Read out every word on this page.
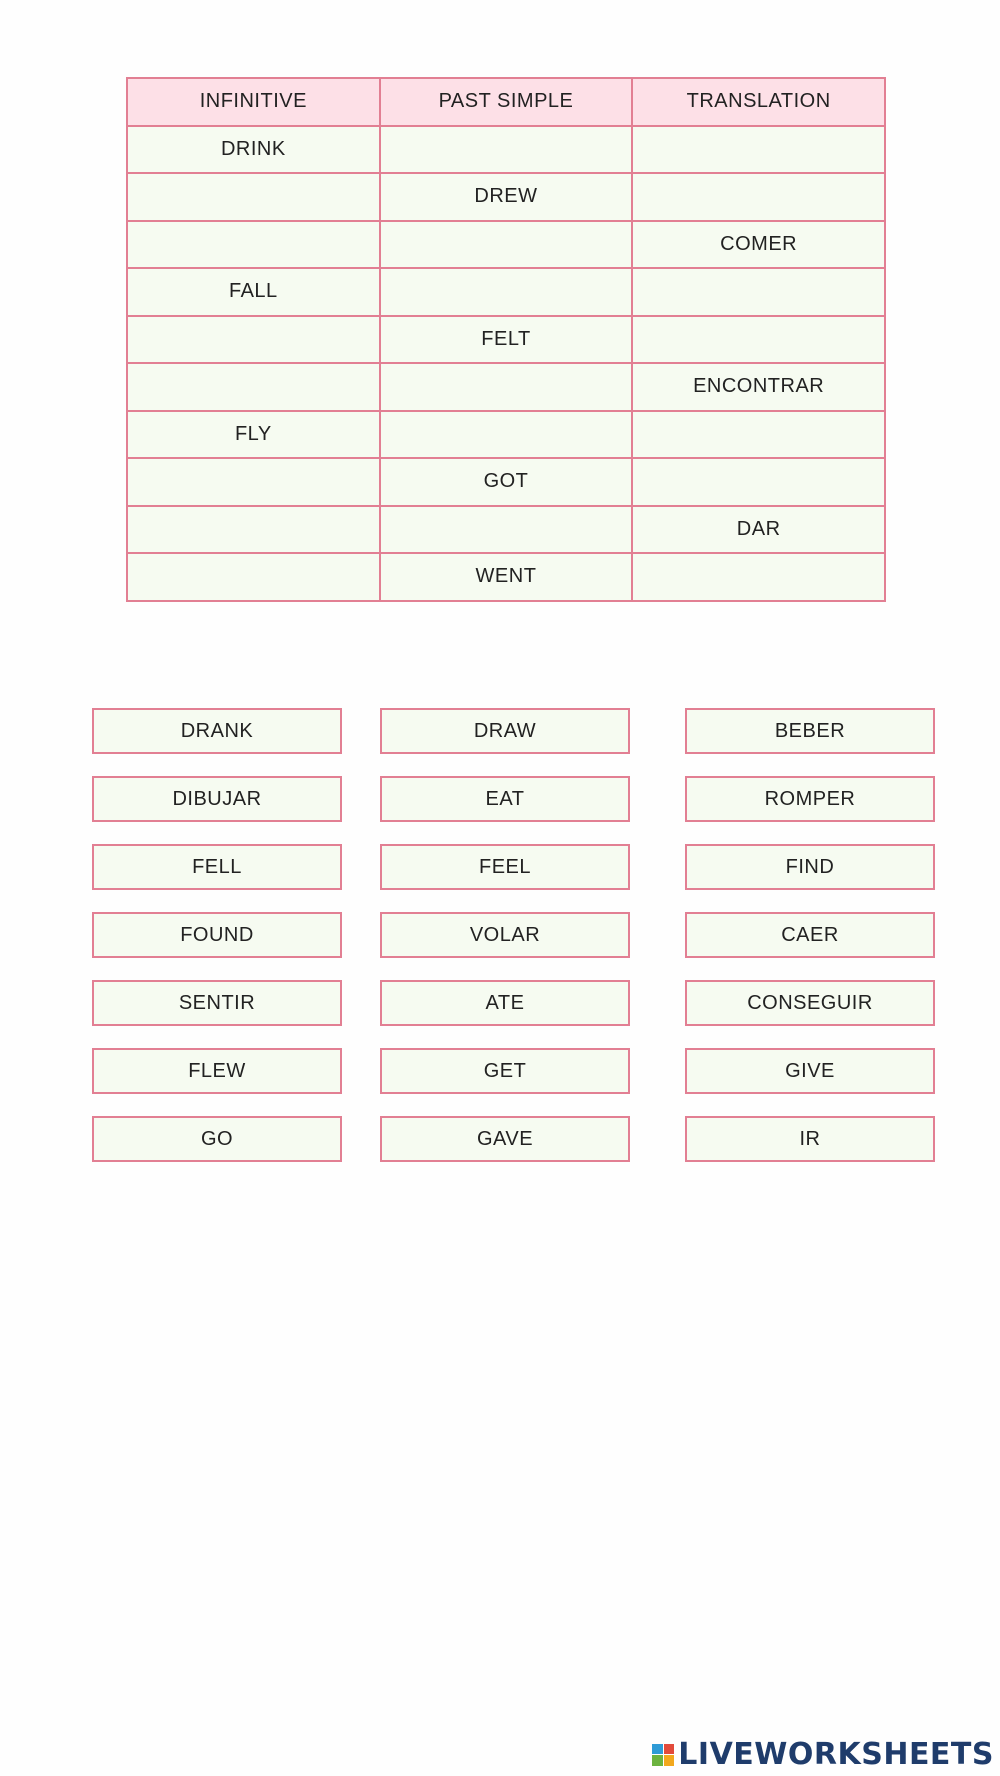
INFINITIVE	PAST SIMPLE	TRANSLATION
DRINK		
	DREW	
		COMER
FALL		
	FELT	
		ENCONTRAR
FLY		
	GOT	
		DAR
	WENT	
DRANK	DRAW	BEBER
DIBUJAR	EAT	ROMPER
FELL	FEEL	FIND
FOUND	VOLAR	CAER
SENTIR	ATE	CONSEGUIR
FLEW	GET	GIVE
GO	GAVE	IR
LIVEWORKSHEETS
